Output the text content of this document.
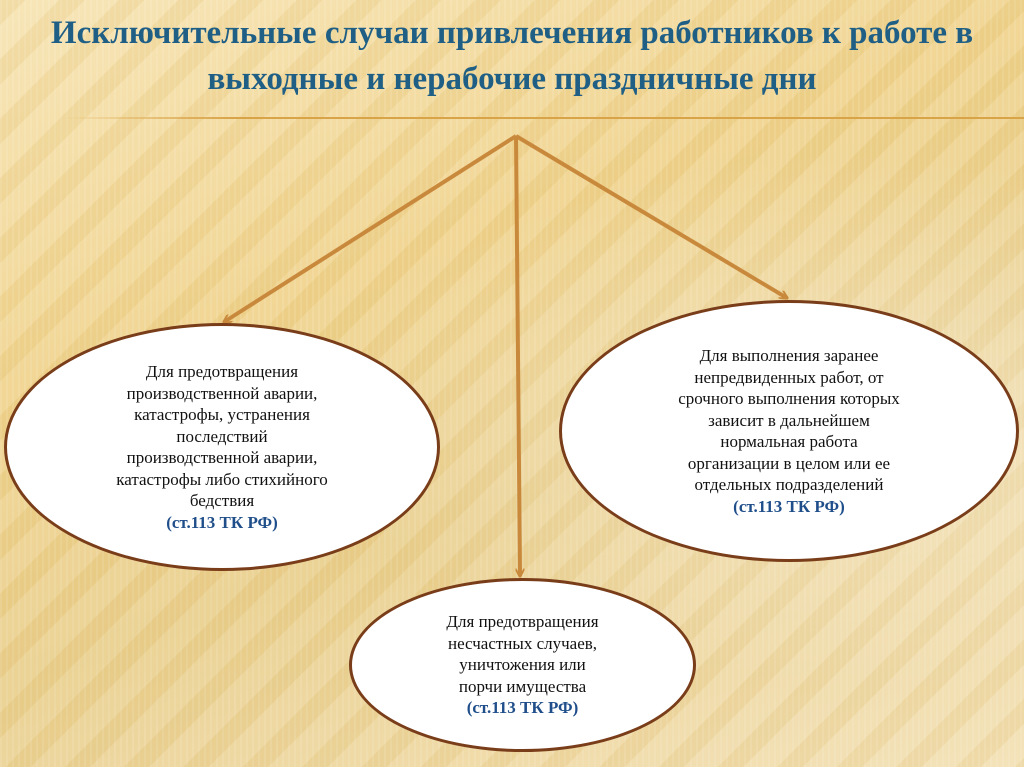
Исключительные случаи привлечения работников к работе в выходные и нерабочие праздничные дни
Для предотвращения
производственной аварии,
катастрофы, устранения
последствий
производственной аварии,
катастрофы либо стихийного
бедствия
(ст.113 ТК РФ)
Для выполнения заранее
непредвиденных работ, от
срочного выполнения которых
зависит в дальнейшем
нормальная работа
организации в целом или ее
отдельных подразделений
(ст.113 ТК РФ)
Для предотвращения
несчастных случаев,
уничтожения или
порчи имущества
(ст.113 ТК РФ)
